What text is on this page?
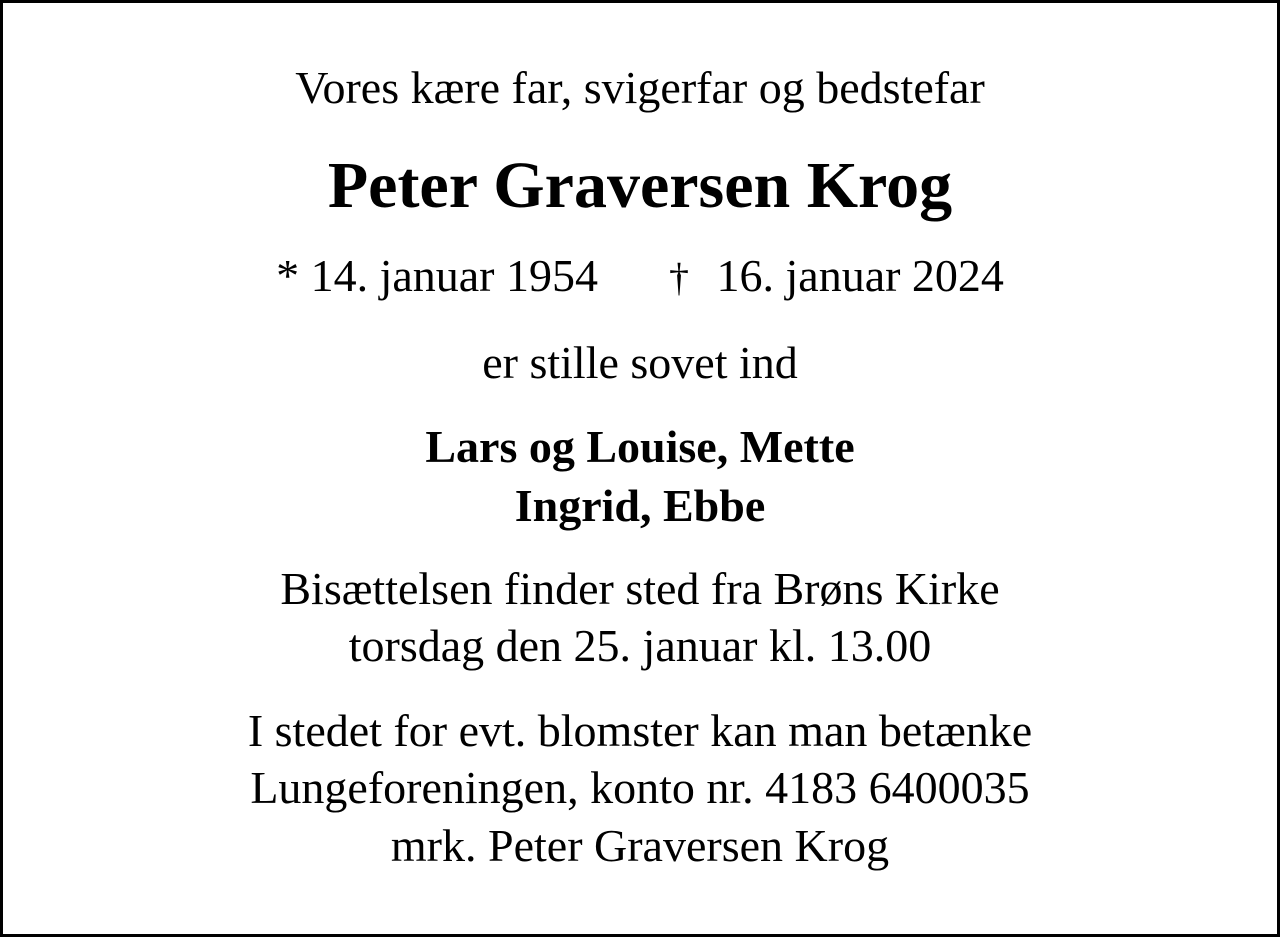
Vores kære far, svigerfar og bedstefar
Peter Graversen Krog
* 14. januar 1954 † 16. januar 2024
er stille sovet ind
Lars og Louise, Mette
Ingrid, Ebbe
Bisættelsen finder sted fra Brøns Kirke
torsdag den 25. januar kl. 13.00
I stedet for evt. blomster kan man betænke
Lungeforeningen, konto nr. 4183 6400035
mrk. Peter Graversen Krog
